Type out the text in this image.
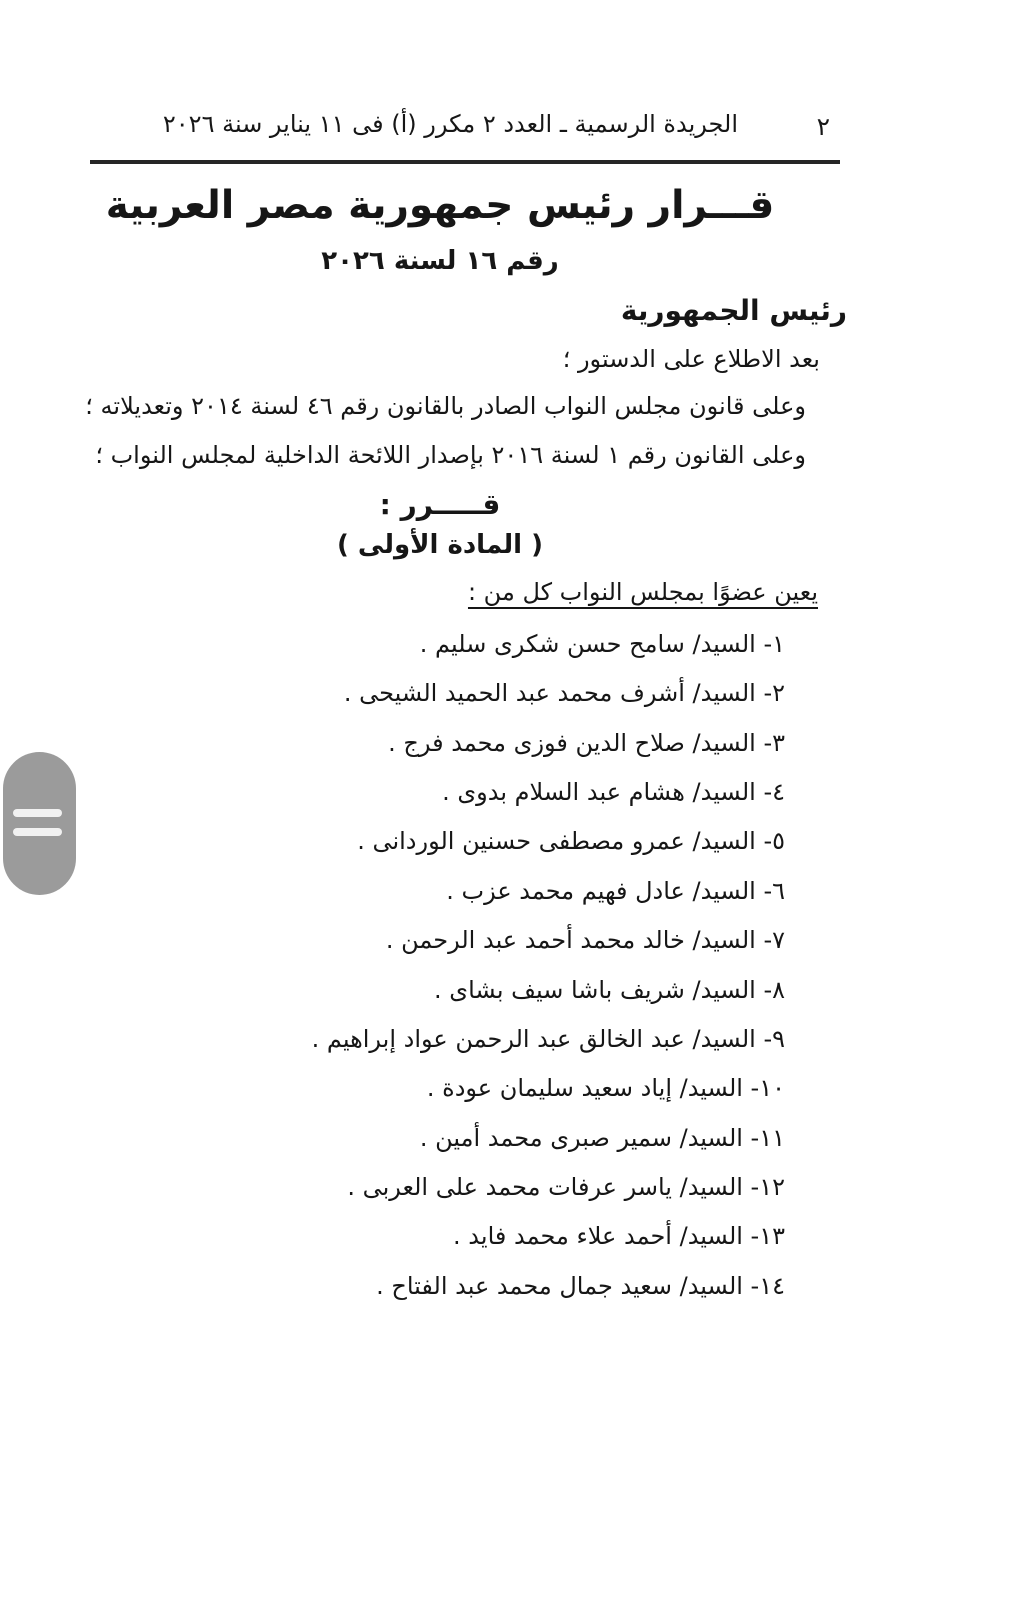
٢
الجريدة الرسمية ـ العدد ٢ مكرر (أ) فى ١١ يناير سنة ٢٠٢٦
قـــرار رئيس جمهورية مصر العربية
رقم ١٦ لسنة ٢٠٢٦
رئيس الجمهورية
بعد الاطلاع على الدستور ؛
وعلى قانون مجلس النواب الصادر بالقانون رقم ٤٦ لسنة ٢٠١٤ وتعديلاته ؛
وعلى القانون رقم ١ لسنة ٢٠١٦ بإصدار اللائحة الداخلية لمجلس النواب ؛
قـــــرر :
( المادة الأولى )
يعين عضوًا بمجلس النواب كل من :
١- السيد/ سامح حسن شكرى سليم .
٢- السيد/ أشرف محمد عبد الحميد الشيحى .
٣- السيد/ صلاح الدين فوزى محمد فرج .
٤- السيد/ هشام عبد السلام بدوى .
٥- السيد/ عمرو مصطفى حسنين الوردانى .
٦- السيد/ عادل فهيم محمد عزب .
٧- السيد/ خالد محمد أحمد عبد الرحمن .
٨- السيد/ شريف باشا سيف بشاى .
٩- السيد/ عبد الخالق عبد الرحمن عواد إبراهيم .
١٠- السيد/ إياد سعيد سليمان عودة .
١١- السيد/ سمير صبرى محمد أمين .
١٢- السيد/ ياسر عرفات محمد على العربى .
١٣- السيد/ أحمد علاء محمد فايد .
١٤- السيد/ سعيد جمال محمد عبد الفتاح .
